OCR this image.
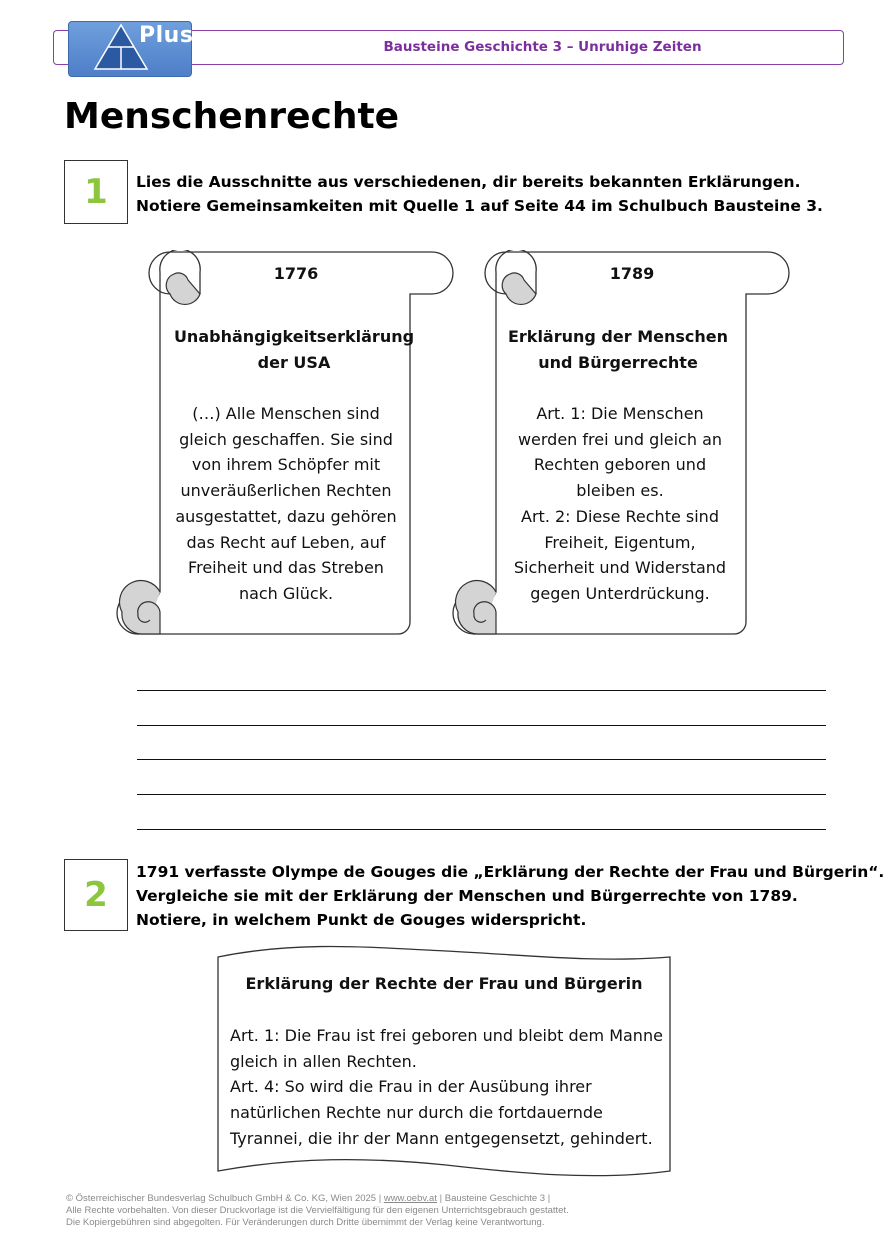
Bausteine Geschichte 3 – Unruhige Zeiten
Plus
Menschenrechte
1 Lies die Ausschnitte aus verschiedenen, dir bereits bekannten Erklärungen.
Notiere Gemeinsamkeiten mit Quelle 1 auf Seite 44 im Schulbuch Bausteine 3.
1776
Unabhängigkeitserklärung
der USA
(…) Alle Menschen sind
gleich geschaffen. Sie sind
von ihrem Schöpfer mit
unveräußerlichen Rechten
ausgestattet, dazu gehören
das Recht auf Leben, auf
Freiheit und das Streben
nach Glück.
1789
Erklärung der Menschen
und Bürgerrechte
Art. 1: Die Menschen
werden frei und gleich an
Rechten geboren und
bleiben es.
Art. 2: Diese Rechte sind
Freiheit, Eigentum,
Sicherheit und Widerstand
gegen Unterdrückung.
2
1791 verfasste Olympe de Gouges die „Erklärung der Rechte der Frau und Bürgerin“.
Vergleiche sie mit der Erklärung der Menschen und Bürgerrechte von 1789.
Notiere, in welchem Punkt de Gouges widerspricht.
Erklärung der Rechte der Frau und Bürgerin
Art. 1: Die Frau ist frei geboren und bleibt dem Manne
gleich in allen Rechten.
Art. 4: So wird die Frau in der Ausübung ihrer
natürlichen Rechte nur durch die fortdauernde
Tyrannei, die ihr der Mann entgegensetzt, gehindert.
© Österreichischer Bundesverlag Schulbuch GmbH & Co. KG, Wien 2025 | www.oebv.at | Bausteine Geschichte 3 |
Alle Rechte vorbehalten. Von dieser Druckvorlage ist die Vervielfältigung für den eigenen Unterrichtsgebrauch gestattet.
Die Kopiergebühren sind abgegolten. Für Veränderungen durch Dritte übernimmt der Verlag keine Verantwortung.
